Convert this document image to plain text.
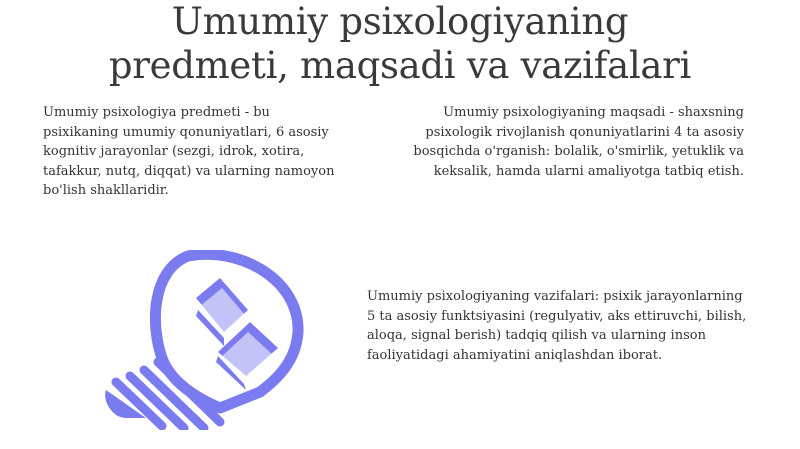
Umumiy psixologiyaning
predmeti, maqsadi va vazifalari
Umumiy psixologiya predmeti - bu psixikaning umumiy qonuniyatlari, 6 asosiy kognitiv jarayonlar (sezgi, idrok, xotira, tafakkur, nutq, diqqat) va ularning namoyon bo'lish shakllaridir.
Umumiy psixologiyaning maqsadi - shaxsning psixologik rivojlanish qonuniyatlarini 4 ta asosiy bosqichda o'rganish: bolalik, o'smirlik, yetuklik va keksalik, hamda ularni amaliyotga tatbiq etish.
Umumiy psixologiyaning vazifalari: psixik jarayonlarning 5 ta asosiy funktsiyasini (regulyativ, aks ettiruvchi, bilish, aloqa, signal berish) tadqiq qilish va ularning inson faoliyatidagi ahamiyatini aniqlashdan iborat.
